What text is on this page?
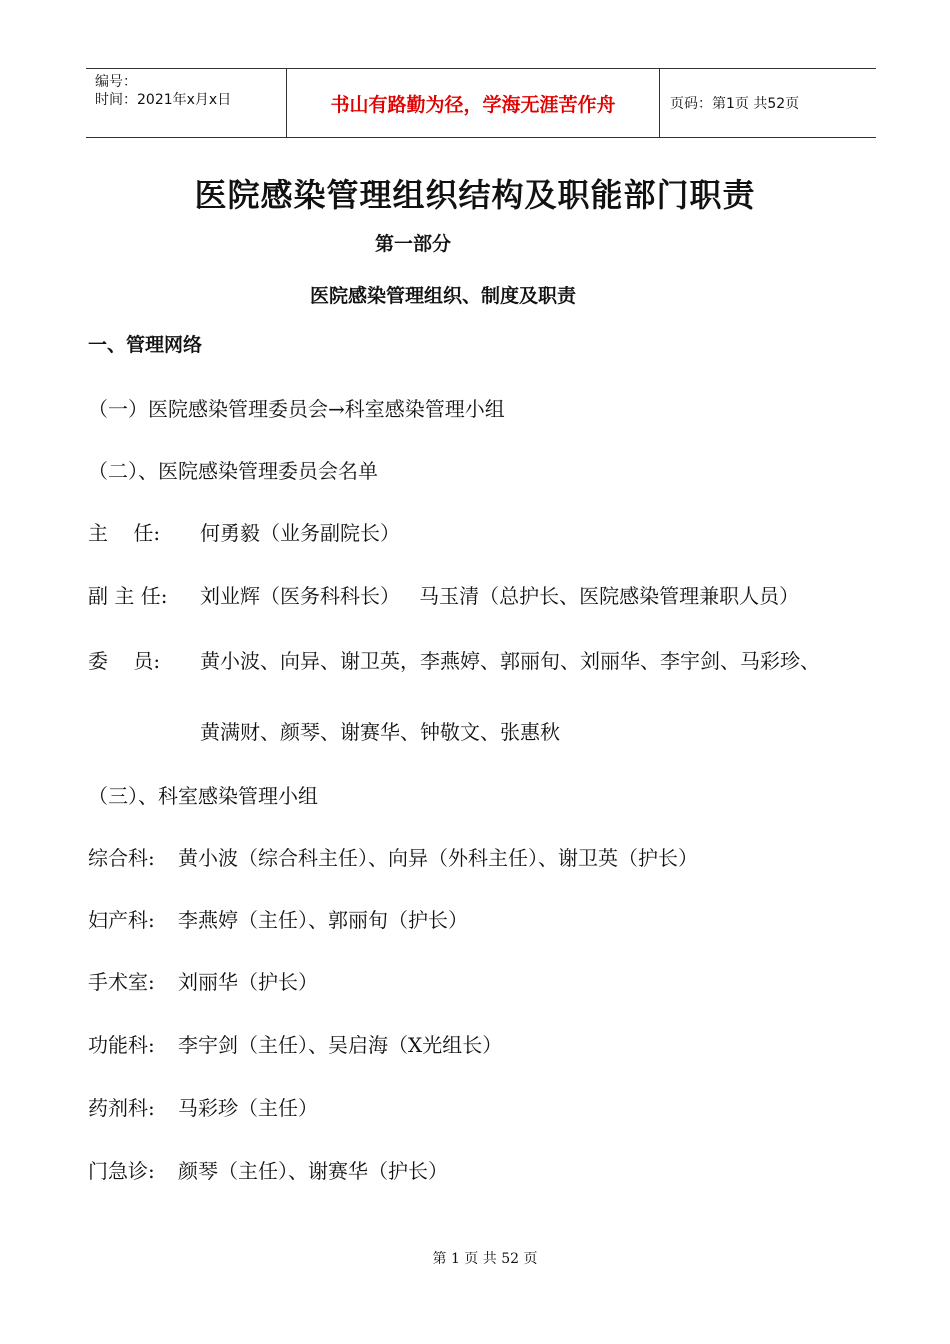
编号：
时间：2021年x月x日	书山有路勤为径，学海无涯苦作舟	页码：第1页 共52页
医院感染管理组织结构及职能部门职责
第一部分
医院感染管理组织、制度及职责
一、管理网络
（一）医院感染管理委员会→科室感染管理小组
（二）、医院感染管理委员会名单
主    任: 何勇毅（业务副院长）
副 主 任: 刘业辉（医务科科长）   马玉清（总护长、医院感染管理兼职人员）
委    员: 黄小波、向异、谢卫英，李燕婷、郭丽旬、刘丽华、李宇剑、马彩珍、
黄满财、颜琴、谢赛华、钟敬文、张惠秋
（三）、科室感染管理小组
综合科: 黄小波（综合科主任）、向异（外科主任）、谢卫英（护长）
妇产科: 李燕婷（主任）、郭丽旬（护长）
手术室: 刘丽华（护长）
功能科: 李宇剑（主任）、吴启海（X光组长）
药剂科: 马彩珍（主任）
门急诊: 颜琴（主任）、谢赛华（护长）
第 1 页 共 52 页
